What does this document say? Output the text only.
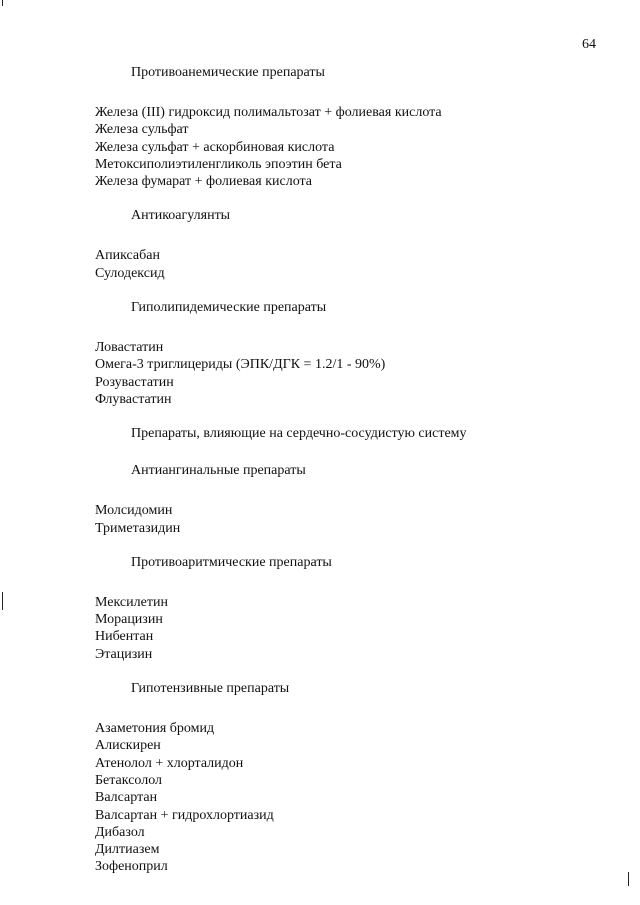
64
Противоанемические препараты
Железа (III) гидроксид полимальтозат + фолиевая кислота
Железа сульфат
Железа сульфат + аскорбиновая кислота
Метоксиполиэтиленгликоль эпоэтин бета
Железа фумарат + фолиевая кислота
Антикоагулянты
Апиксабан
Сулодексид
Гиполипидемические препараты
Ловастатин
Омега-3 триглицериды (ЭПК/ДГК = 1.2/1 - 90%)
Розувастатин
Флувастатин
Препараты, влияющие на сердечно-сосудистую систему
Антиангинальные препараты
Молсидомин
Триметазидин
Противоаритмические препараты
Мексилетин
Морацизин
Нибентан
Этацизин
Гипотензивные препараты
Азаметония бромид
Алискирен
Атенолол + хлорталидон
Бетаксолол
Валсартан
Валсартан + гидрохлортиазид
Дибазол
Дилтиазем
Зофеноприл
